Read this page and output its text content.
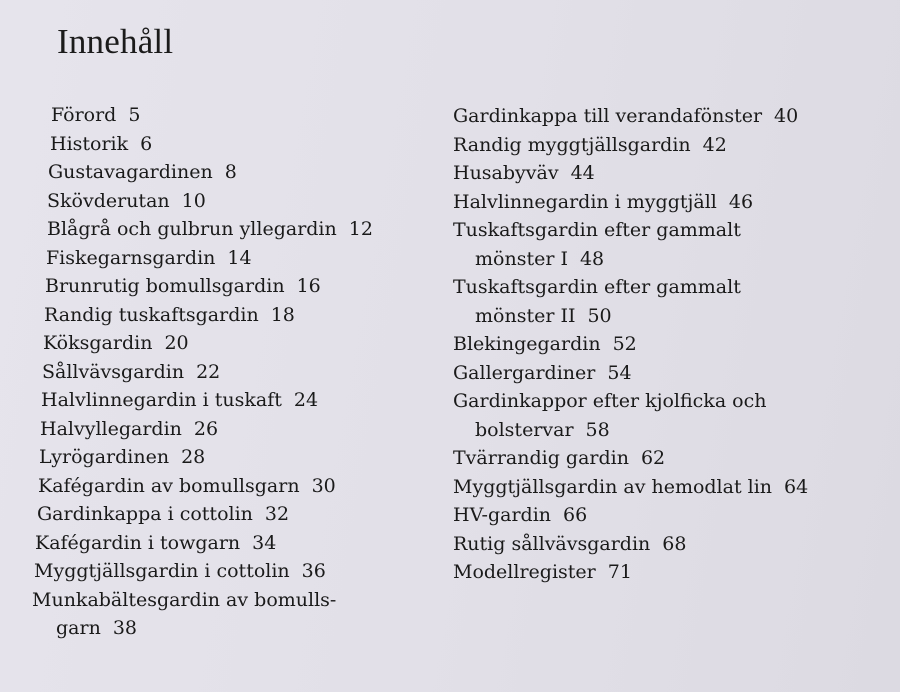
Innehåll
Förord 5
Historik 6
Gustavagardinen 8
Skövderutan 10
Blågrå och gulbrun yllegardin 12
Fiskegarnsgardin 14
Brunrutig bomullsgardin 16
Randig tuskaftsgardin 18
Köksgardin 20
Sållvävsgardin 22
Halvlinnegardin i tuskaft 24
Halvyllegardin 26
Lyrögardinen 28
Kafégardin av bomullsgarn 30
Gardinkappa i cottolin 32
Kafégardin i towgarn 34
Myggtjällsgardin i cottolin 36
Munkabältesgardin av bomulls-
garn 38
Gardinkappa till verandafönster 40
Randig myggtjällsgardin 42
Husabyväv 44
Halvlinnegardin i myggtjäll 46
Tuskaftsgardin efter gammalt
mönster I 48
Tuskaftsgardin efter gammalt
mönster II 50
Blekingegardin 52
Gallergardiner 54
Gardinkappor efter kjolficka och
bolstervar 58
Tvärrandig gardin 62
Myggtjällsgardin av hemodlat lin 64
HV-gardin 66
Rutig sållvävsgardin 68
Modellregister 71
